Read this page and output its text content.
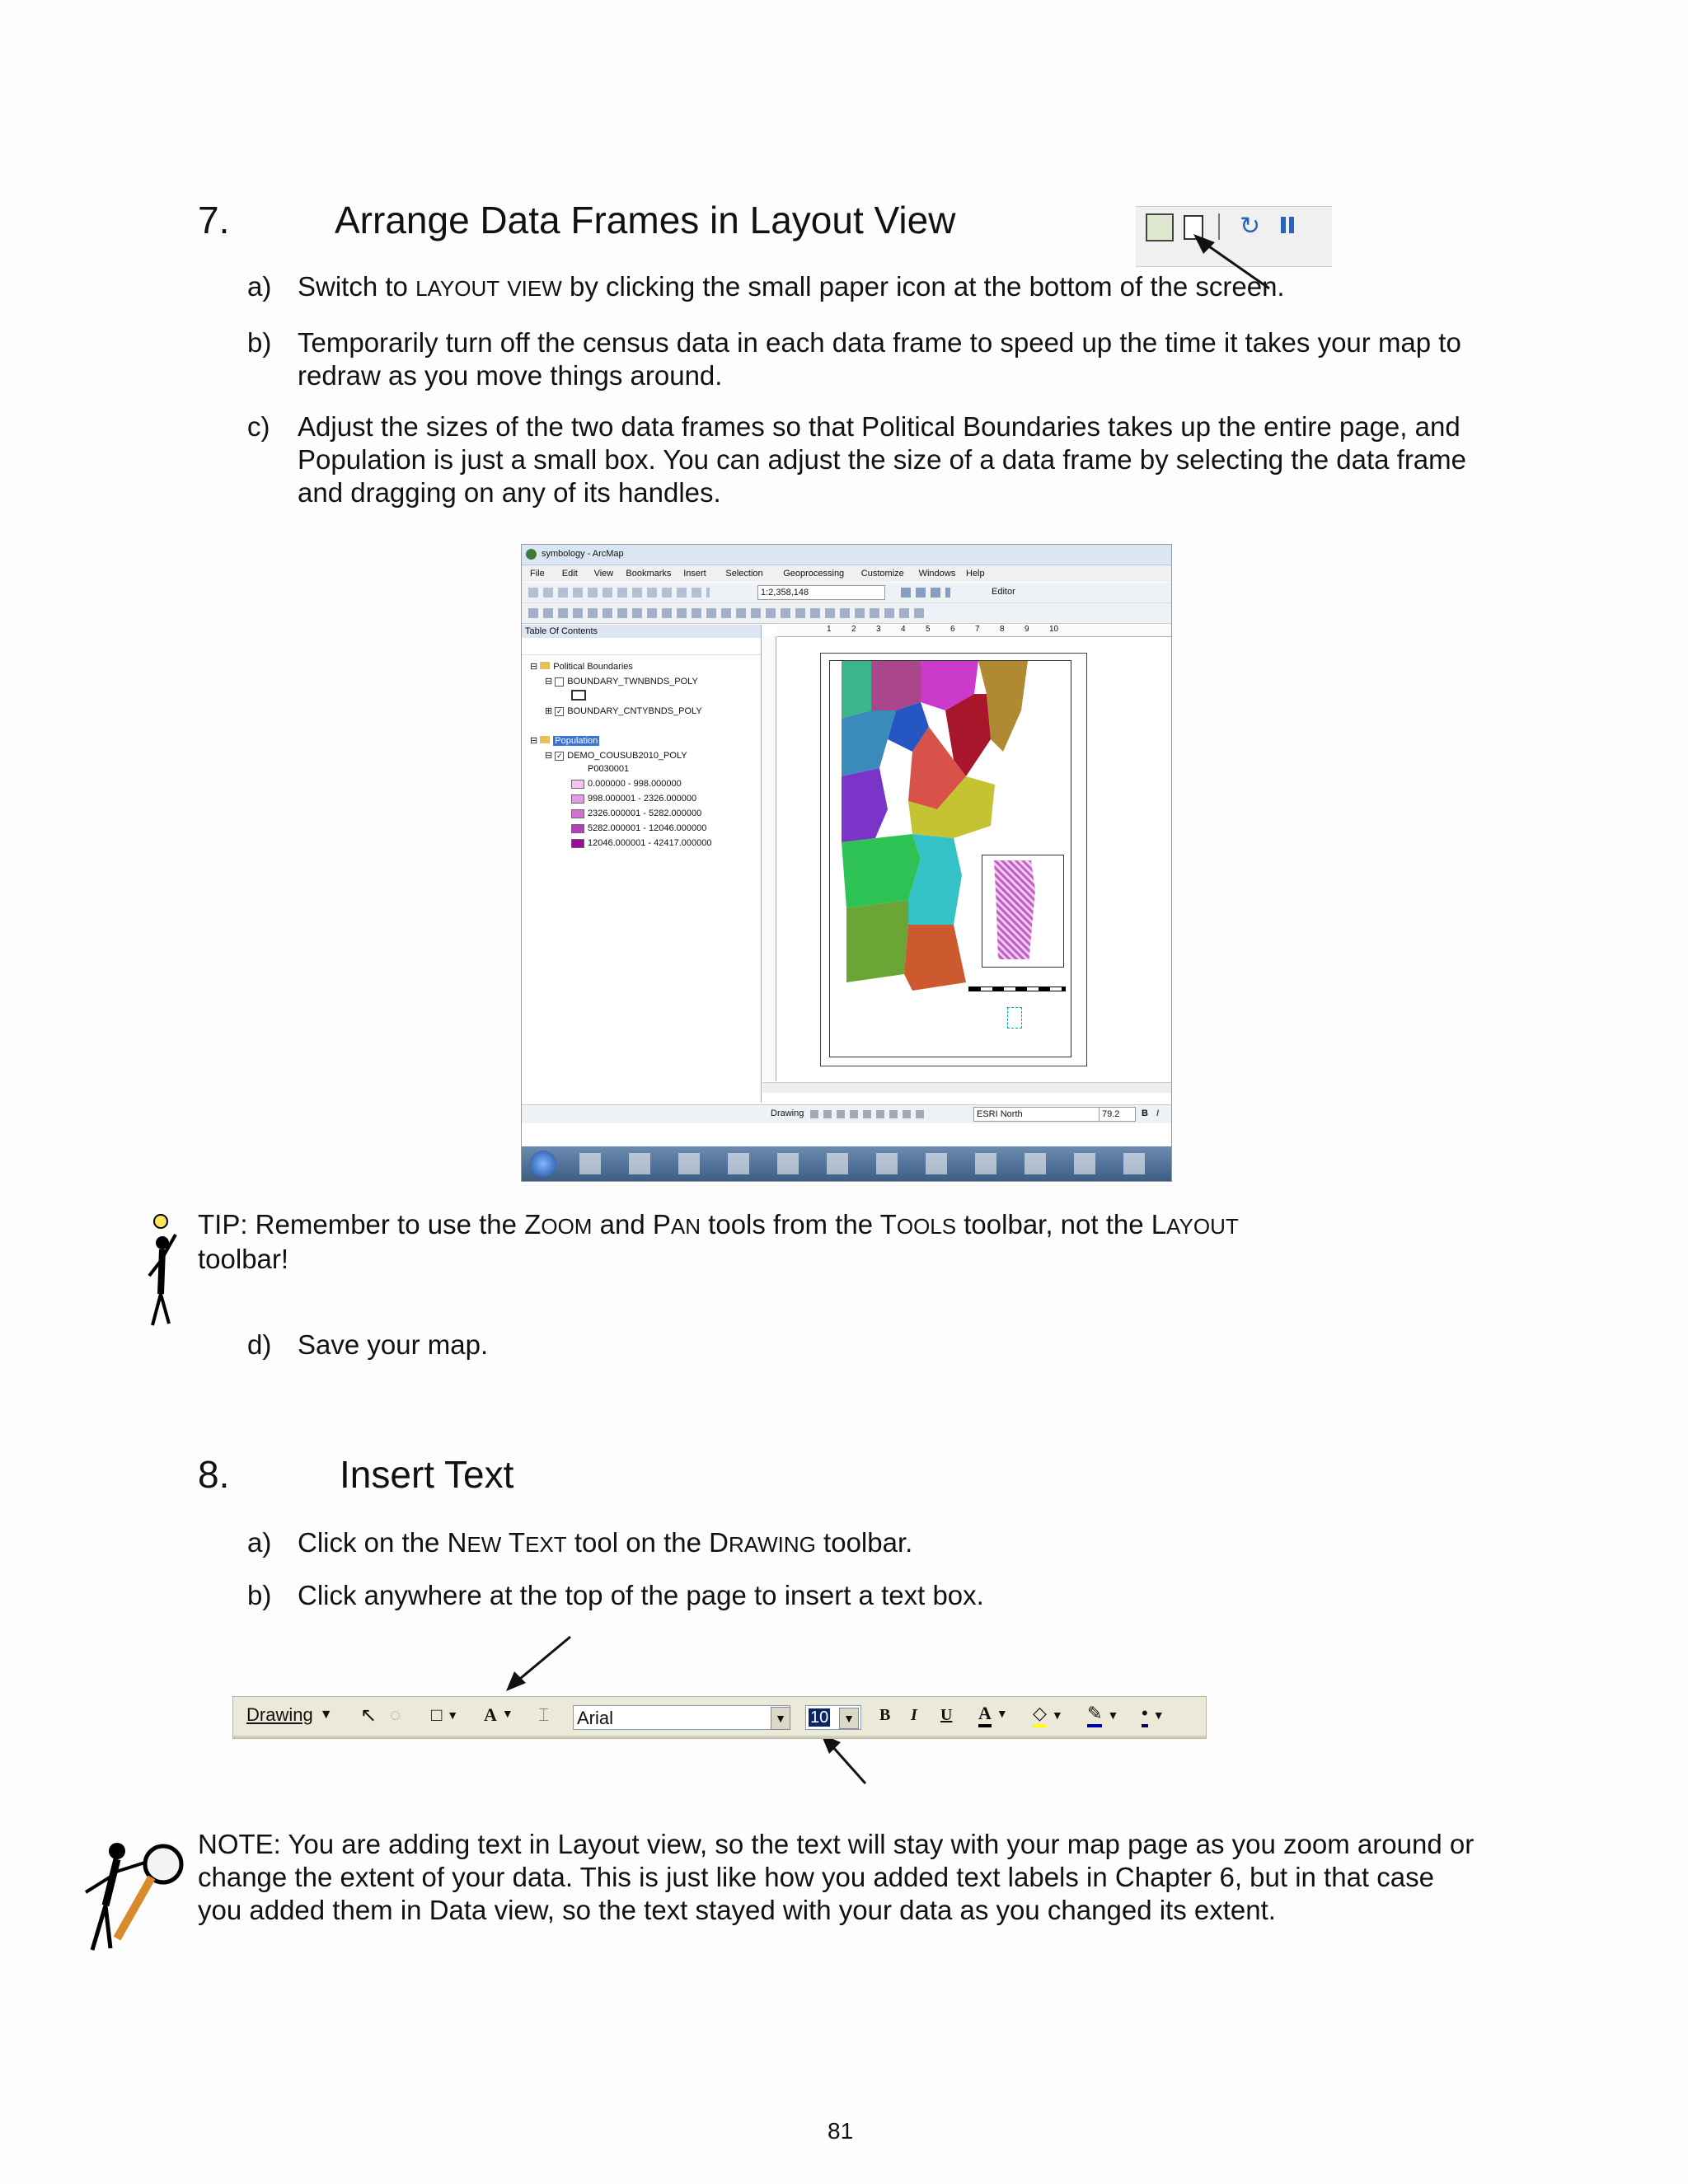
7.	Arrange Data Frames in Layout View	↻
a) Switch to LAYOUT VIEW by clicking the small paper icon at the bottom of the screen.
b) Temporarily turn off the census data in each data frame to speed up the time it takes your map to redraw as you move things around.
c) Adjust the sizes of the two data frames so that Political Boundaries takes up the entire page, and Population is just a small box. You can adjust the size of a data frame by selecting the data frame and dragging on any of its handles.
symbology - ArcMap
File Edit View Bookmarks Insert Selection Geoprocessing Customize Windows Help
1:2,358,148	Editor
Table Of Contents
⊟ Political Boundaries
⊟ BOUNDARY_TWNBNDS_POLY
⊞ ✓ BOUNDARY_CNTYBNDS_POLY
⊟ Population
⊟ ✓ DEMO_COUSUB2010_POLY
P0030001
0.000000 - 998.000000
998.000001 - 2326.000000
2326.000001 - 5282.000000
5282.000001 - 12046.000000
12046.000001 - 42417.000000
1 2 3 4 5 6 7 8 9 10
Drawing	ESRI North	79.2	B I
TIP: Remember to use the ZOOM and PAN tools from the TOOLS toolbar, not the LAYOUT
toolbar!
d) Save your map.
8.	Insert Text
a) Click on the NEW TEXT tool on the DRAWING toolbar.
b) Click anywhere at the top of the page to insert a text box.
Drawing ▼ ↖ ◌ □ ▼ A ▼ ⌶ Arial	▼ 10	▼ B I U A ▼ ◇ ▼ ✎ ▼ • ▼
NOTE: You are adding text in Layout view, so the text will stay with your map page as you zoom around or change the extent of your data. This is just like how you added text labels in Chapter 6, but in that case you added them in Data view, so the text stayed with your data as you changed its extent.
81
